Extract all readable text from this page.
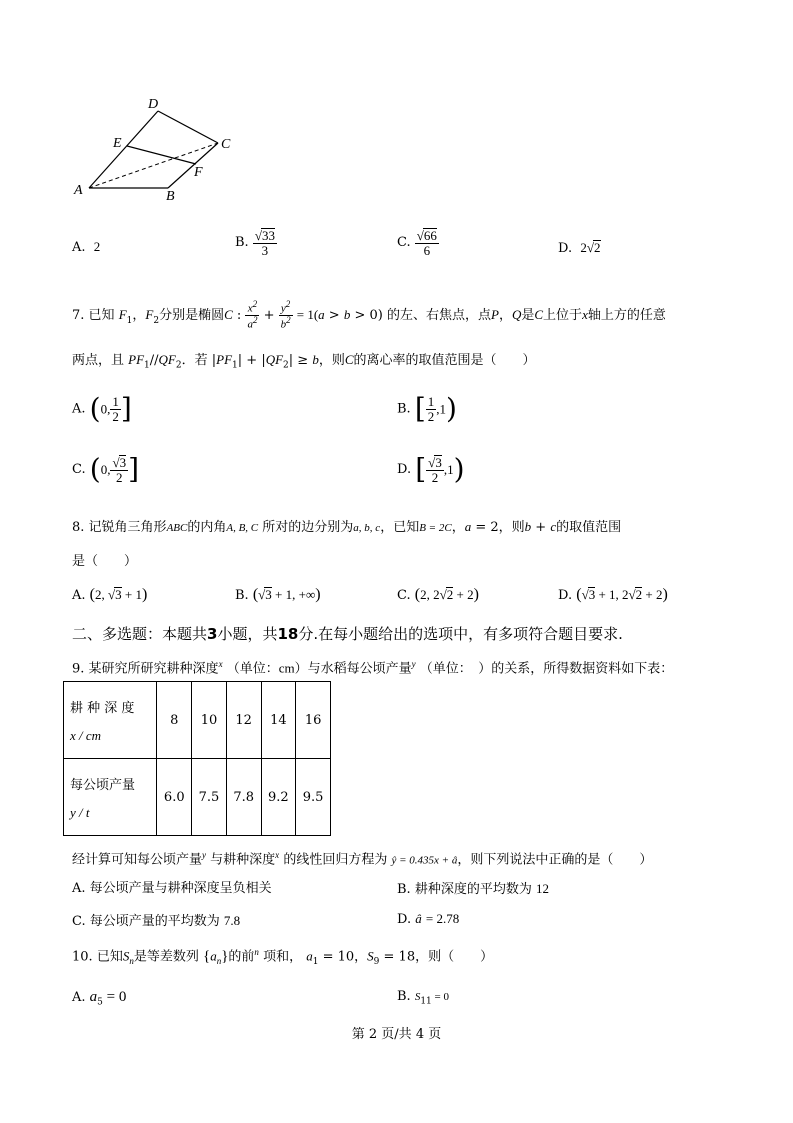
D
E	C
F
A	B
A. 2	B. $\frac{√33}{3}$	C. $\frac{√66}{6}$	D. 2√2
7. 已知 $F_1$，$F_2$分别是椭圆C : $\frac{x^2}{a^2} + \frac{y^2}{b^2} = 1(a > b > 0)$ 的左、右焦点，点P，Q是C上位于x轴上方的任意
两点，且 $PF_1//QF_2$．若 $|PF_1| + |QF_2| \ge b$，则C的离心率的取值范围是（　　）
A. (0, $\frac{1}{2}$ ]	B. [ $\frac{1}{2} ,1$)
C. (0, $\frac{√3}{2}$ ]	D. [ $\frac{√3}{2} ,1$)
8. 记锐角三角形ABC的内角A, B, C 所对的边分别为a, b, c，已知B = 2C，a = 2，则b + c的取值范围
是（　　）
A. (2, √3 + 1)	B. (√3 + 1, +∞)	C. (2, 2√2 + 2)	D. (√3 + 1, 2√2 + 2)
二、多选题：本题共3小题，共18分.在每小题给出的选项中，有多项符合题目要求.
9. 某研究所研究耕种深度$^x$ （单位：cm）与水稻每公顷产量$^y$ （单位：　）的关系，所得数据资料如下表：
耕 种 深 度
x / cm	8	10	12	14	16

每公顷产量
y / t	6.0	7.5	7.8	9.2	9.5
经计算可知每公顷产量$^y$ 与耕种深度$^x$ 的线性回归方程为 ŷ = 0.435x + â，则下列说法中正确的是（　　）
A. 每公顷产量与耕种深度呈负相关	B. 耕种深度的平均数为 12
C. 每公顷产量的平均数为 7.8	D. â = 2.78
10. 已知$S_n$是等差数列 $\{a_n\}$的前$^n$ 项和， $a_1 = 10$，$S_9 = 18$，则（　　）
A. $a_5 = 0$	B. $S_{11} = 0$
第 2 页/共 4 页
